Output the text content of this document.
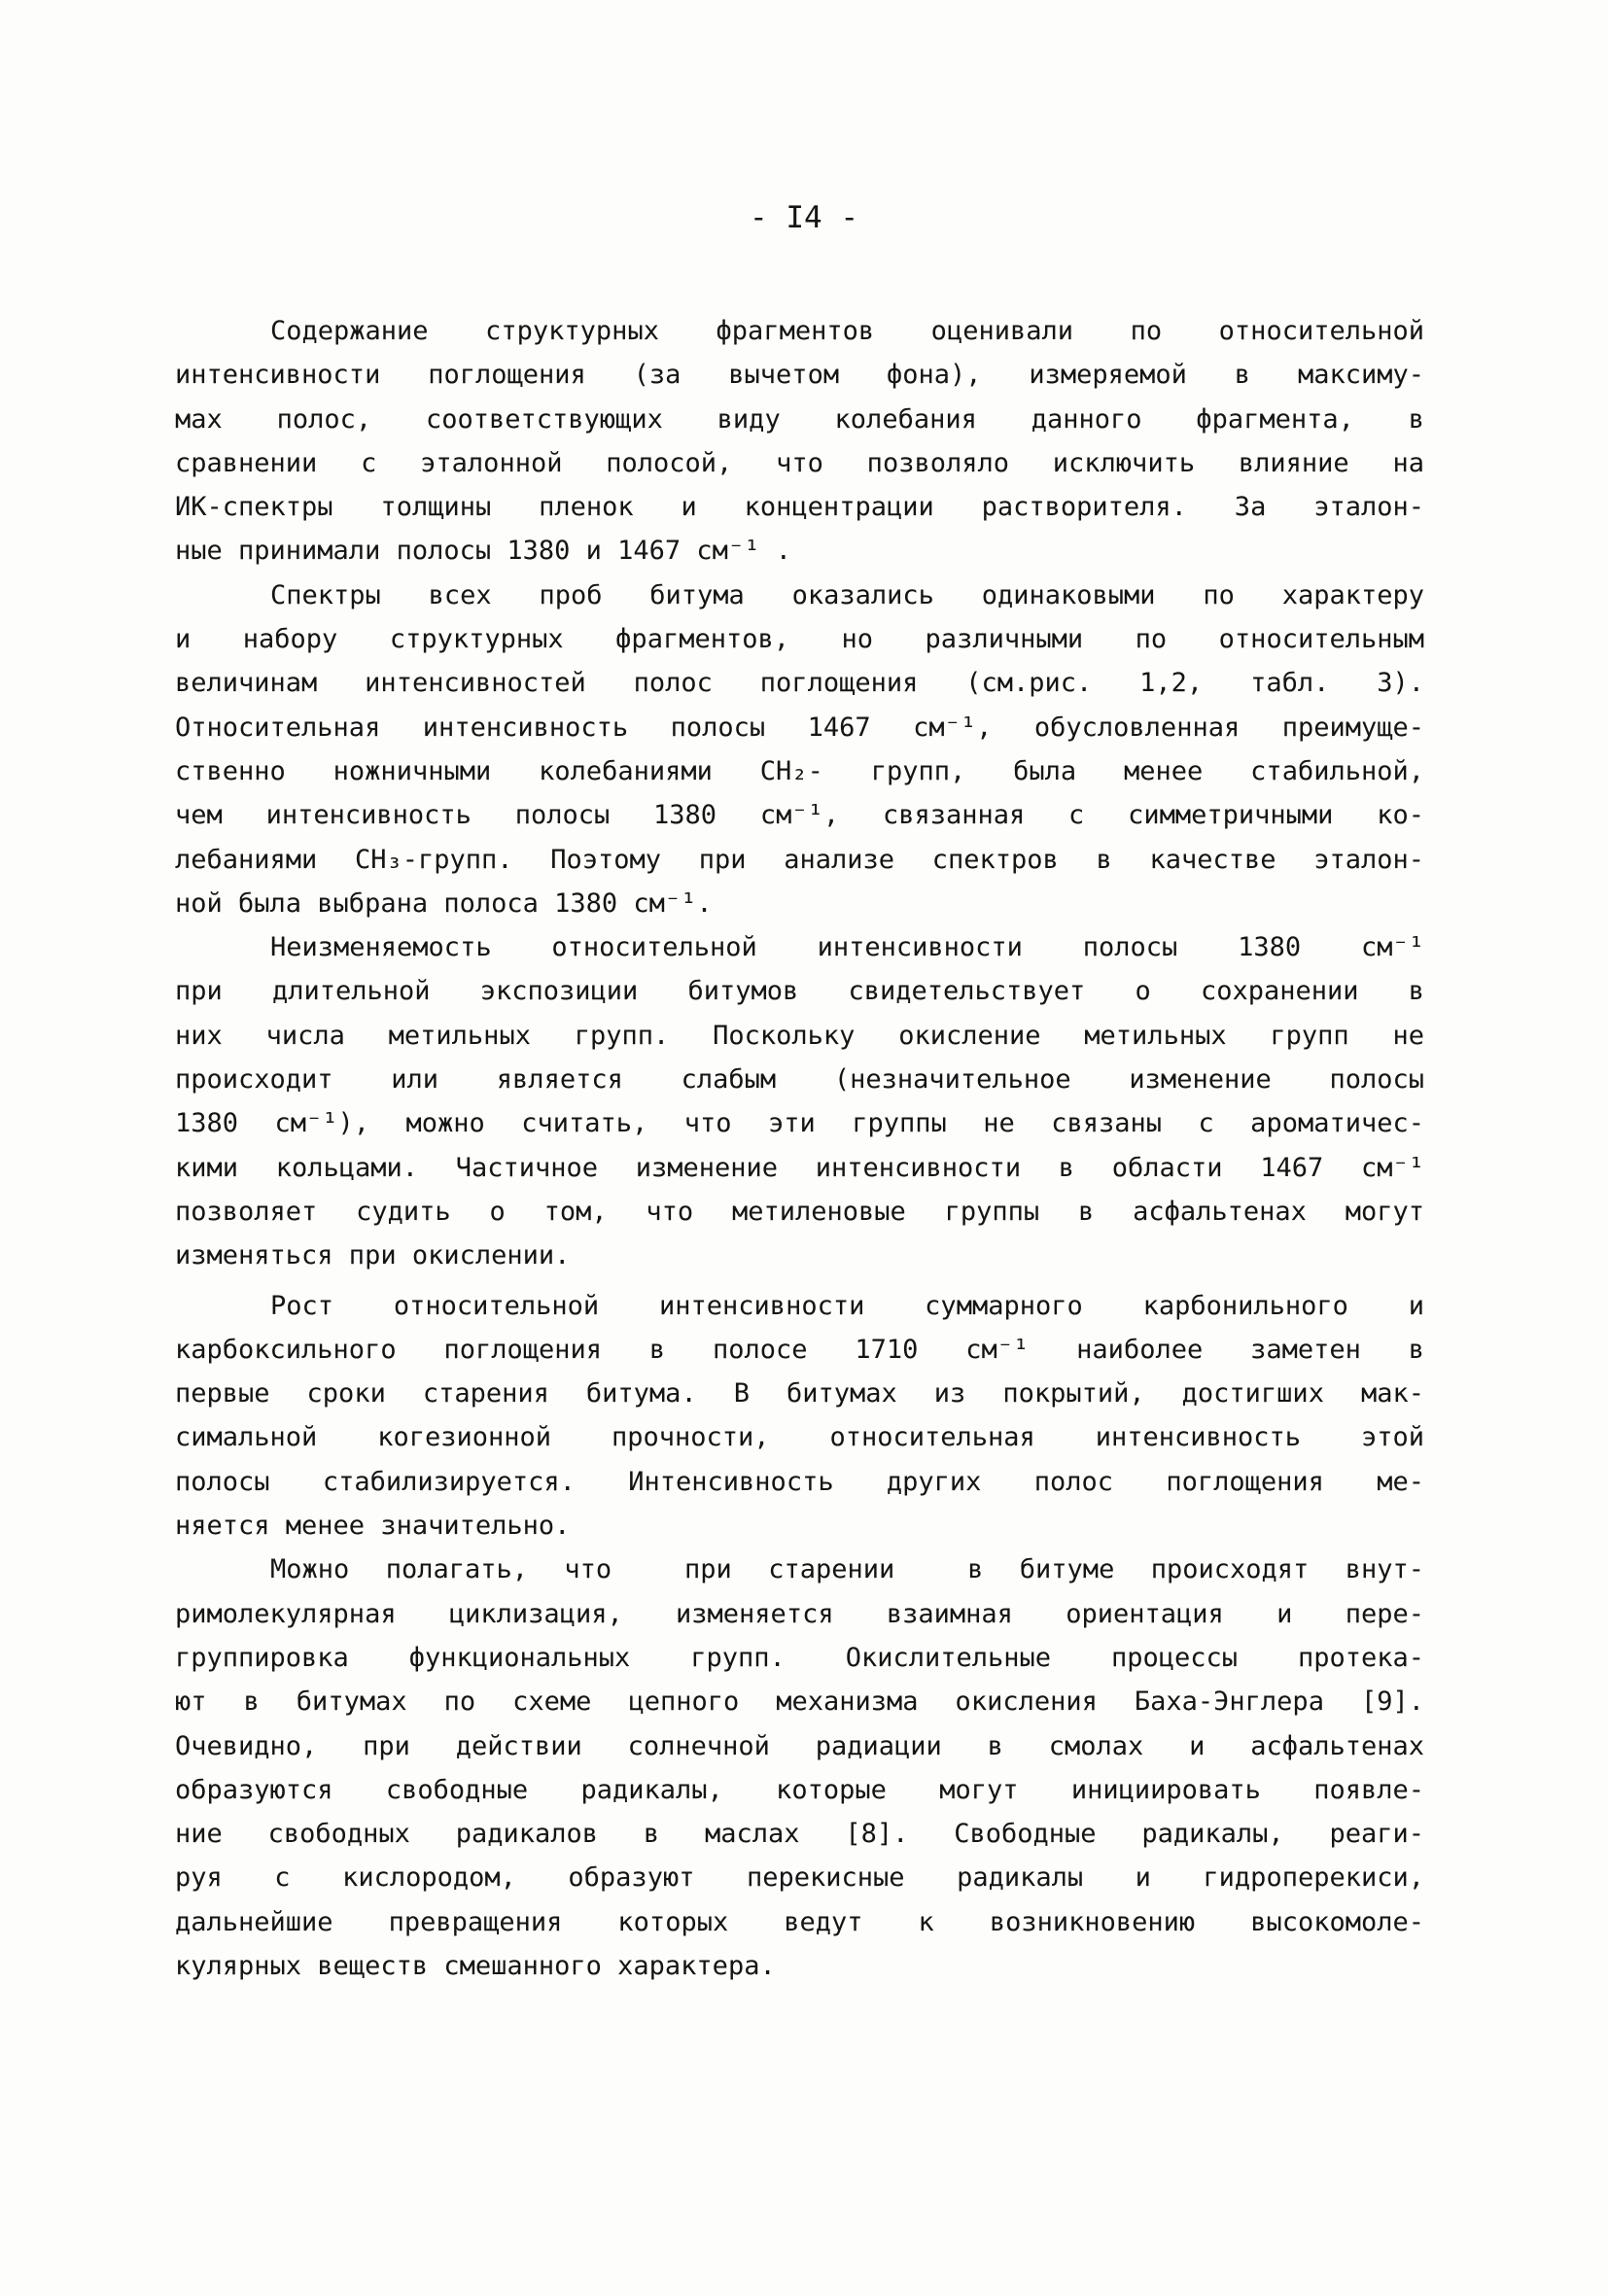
- I4 -
Содержание структурных фрагментов оценивали по относительной
интенсивности поглощения (за вычетом фона), измеряемой в максиму-
мах полос, соответствующих виду колебания данного фрагмента, в
сравнении с эталонной полосой, что позволяло исключить влияние на
ИК-спектры толщины пленок и концентрации растворителя. За эталон-
ные принимали полосы 1380 и 1467 см⁻¹ .
Спектры всех проб битума оказались одинаковыми по характеру
и набору структурных фрагментов, но различными по относительным
величинам интенсивностей полос поглощения (см.рис. 1,2, табл. 3).
Относительная интенсивность полосы 1467 см⁻¹, обусловленная преимуще-
ственно ножничными колебаниями CH₂- групп, была менее стабильной,
чем интенсивность полосы 1380 см⁻¹, связанная с симметричными ко-
лебаниями CH₃-групп. Поэтому при анализе спектров в качестве эталон-
ной была выбрана полоса 1380 см⁻¹.
Неизменяемость относительной интенсивности полосы 1380 см⁻¹
при длительной экспозиции битумов свидетельствует о сохранении в
них числа метильных групп. Поскольку окисление метильных групп не
происходит или является слабым (незначительное изменение полосы
1380 см⁻¹), можно считать, что эти группы не связаны с ароматичес-
кими кольцами. Частичное изменение интенсивности в области 1467 см⁻¹
позволяет судить о том, что метиленовые группы в асфальтенах могут
изменяться при окислении.
Рост относительной интенсивности суммарного карбонильного и
карбоксильного поглощения в полосе 1710 см⁻¹ наиболее заметен в
первые сроки старения битума. В битумах из покрытий, достигших мак-
симальной когезионной прочности, относительная интенсивность этой
полосы стабилизируется. Интенсивность других полос поглощения ме-
няется менее значительно.
Можно полагать, что  при старении  в битуме происходят внут-
римолекулярная циклизация, изменяется взаимная ориентация и пере-
группировка функциональных групп. Окислительные процессы протека-
ют в битумах по схеме цепного механизма окисления Баха-Энглера [9].
Очевидно, при действии солнечной радиации в смолах и асфальтенах
образуются свободные радикалы, которые могут инициировать появле-
ние свободных радикалов в маслах [8]. Свободные радикалы, реаги-
руя с кислородом, образуют перекисные радикалы и гидроперекиси,
дальнейшие превращения которых ведут к возникновению высокомоле-
кулярных веществ смешанного характера.
